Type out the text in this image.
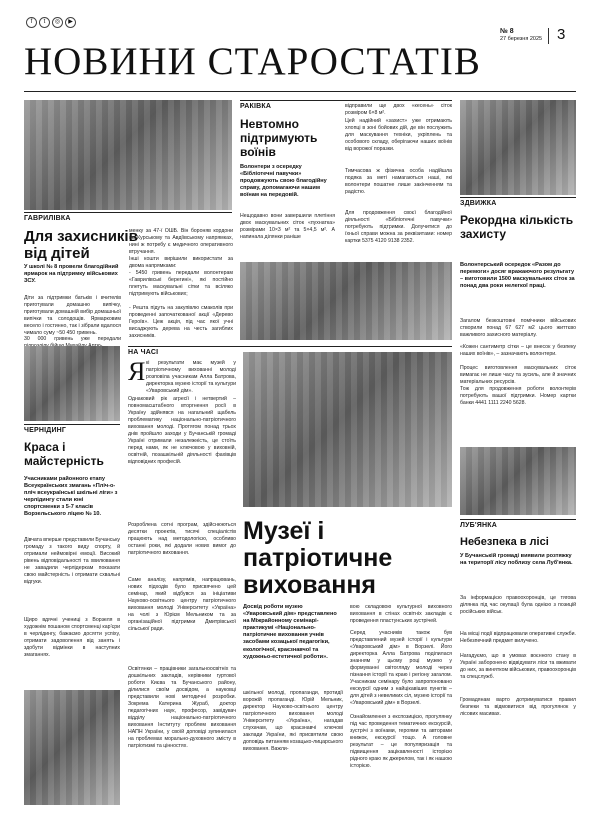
f t ◎ ▶
НОВИНИ СТАРОСТАТІВ
№ 8
27 березня 2025 3
ГАВРИЛІВКА
Для захисників від дітей
У школі № 8 провели благодійний ярмарок на підтримку військових ЗСУ.
Діти за підтримки батьків і вчителів приготували домашню випічку, приготували домашній вибір домашньої випічки та солодощів. Ярмарковим весело і гостинно, так і зібрали вдалося чимало суму ~50 450 гривень.
30 000 гривень уже передали
менку за 47-ї ОШБ. Він бороняв кордони на Курському та Авдіївському напрямках, нині ж потребу є медичного оперативного втручання.
Інші кошти вирішили використати за двома напрямками:
- 5450 гривень передали волонтерам «Гаврилівські берегині», які постійно плетуть маскувальні сітки та всіляко підтримують військових;
- Решта підуть на закупівлю смаколів при проведенні започаткованої акції «Дерево Героїв». Цеж акція, під час якої учні висаджують дерева на честь загиблих захисників.
РАКІВКА
Невтомно підтримують воїнів
Волонтери з осередку «Бібліотечні павучки» продовжують свою благодійну справу, допомагаючи нашим воїнам на передовій.
Нещодавно вони завершили плетіння двох маскувальних сіток «пухнатка» розмірами 10×3 м² та 5×4,5 м². А напинала ділянки раніше
відправили ще двох «кесень» сіток розміром 6×8 м².
Цей надійний «захист» уже отримають хлопці в зоні бойових дій, де він послужить для маскування техніки, укріплень та особового складу, оберігаючи наших воїнів від ворожої поразки.
Тимчасова ж фізична особа надійшла подяка за меті намагаються наші, які волонтери пошатне лише закінченням та радістю.
Для продовження своєї благодійної діяльності «Бібліотечні павучки» потребують підтримки. Долучитися до їхньої справи можна за реквізитами: номер картки 5375 4120 9138 2352.
ЗДВИЖКА
Рекордна кількість захисту
Волонтерський осередок «Разом до перемоги» досяг вражаючого результату – виготовили 1500 маскувальних сіток за понад два роки нелегкої праці.
Загалом безкоштовні помічники військових створили понад 67 627 м2 цього життєво важливого захисного матеріалу.
«Кожен сантиметр сітки – це внесок у безпеку наших воїнів», – зазначають волонтери.
Процес виготовлення маскувальних сіток вимагає не лише часу та зусиль, але й значних матеріальних ресурсів.
Тож для продовження роботи волонтерів потребують вашої підтримки. Номер картки банки 4441 1111 2240 5628.
ЧЕРНІДИНГ
Краса і майстерність
Учасниками районного етапу Всеукраїнських змагань «Пліч-о-пліч всеукраїнські шкільні ліги» з черлідингу стали юні спортсменки з 5-7 класів Ворзельського ліцею № 10.
Дівчата вперше представили Бучанську громаду з такого виду спорту, й отримали неймовірні емоції. Високий рівень відповідальності та хвилювання не завадили черлідеркам показати свою майстерність і отримати схвальні відгуки.
Щиро вдячні учениці з Ворзеля в художнім пошаном спортсменці кар'єри в черлідингу, бажаємо досягти успіху, отримати задоволення від занять і здобути відмінки в наступних змаганнях.
НА ЧАСІ
Я кі результати має музей у патріотичному вихованні молоді розповіла учасникам Алла Батрова, директорка музею історії та культури «Уваровський дім».
Однаковий рік агресії і нетвертий – повномасштабного вторгнення росії в Україну здійнявся на нагальний щабель проблематику національно-патріотичного виховання молоді. Протягом понад трьох днів пройшло заходи у Бучанській громаді Україні отримали незалежність, це стоїть перед нами, як не ключовою у виховній, освітній, позашкільній діяльності фахівців відповідних професій.
Розроблена сотні програм, здійснюються десятки проектів, тисячі спеціалістів працюють над методологією, особливо останні роки, які додали нових вимог до патріотичного виховання.
Саме аналізу, напрямів, напрацювань, нових підходів було присвячено цей семінар, який відбувся за ініціативи Науково-освітнього центру патріотичного виховання молоді Університету «Україна» на чолі з Юрієм Мельником та за організаційної підтримки Дмитрівської сільської ради.
Освітянки – працівники загальноосвітніх та дошкільних закладів, керівники гуртової роботи Києва та Бучанського району, ділилися своїм досвідом, а науковці представили нові методичні розробки. Зокрема Катерина Жураб, доктор педагогічних наук, професор, завідувач відділу національно-патріотичного виховання Інституту проблем виховання НАПН України, у своїй доповіді зупинилася на проблемах морально-духовного змісту в патріотизмі та цінностях.
Музеї і патріотичне виховання
Досвід роботи музею «Уваровський дім» представлено на Міжрайонному семінарі-практикумі «Національно-патріотичне виховання учнів засобами козацької педагогіки, екологічної, краєзнавчої та художньо-естетичної роботи».
шкільної молоді, пропаганди, протидії ворожій пропаганді. Юрій Мельник, директор Науково-освітнього центру патріотичного виховання молоді Університету «Україна», нагадав слухачам, що краєзнавчі ключові заклади України, які присвятили свою доповідь питанням козацько-лицарського виховання. Важли-
вою складовою культурної виховного виховання в стінах освітніх закладів є проведення пластунських зустрічей.
Серед учасників також був представлений музей історії і культури «Уваровський дім» в Ворзелі. Його директорка Алла Батрова поділилася знанням у цьому році музею у формуванні світогляду молоді через пізнання історії та краю і регіону загалом. Учасникам семінару було запропоновано екскурсії одним з найцікавіших пунктів – для дітей з невеликих сіл, музею історії та «Уваровський дім» в Ворзелі.
Ознайомлення з експозицією, прогулянку під час проведення тематичних екскурсій, зустрічі з воїнами, героями та авторами книжок, екскурсії тощо. А головне результат – це популяризація та підвищення зацікавленості історією рідного краю як джерелом, так і як нашою історією.
ЛУБ'ЯНКА
Небезпека в лісі
У Бучанській громаді виявили розтяжку на території лісу поблизу села Луб'янка.
За інформацією правоохоронців, це тягова ділянка під час окупації була однією з позицій російських військ.
На місці події відпрацювали оперативні служби. Небезпечний предмет вилучено.
Нагадуємо, що в умовах воєнного стану в Україні заборонено відвідувати ліси та вживати до них, за винятком військових, правоохоронців та спецслужб.
Громадянам варто дотримуватися правил безпеки та відмовитися від прогулянок у лісових масивах.
